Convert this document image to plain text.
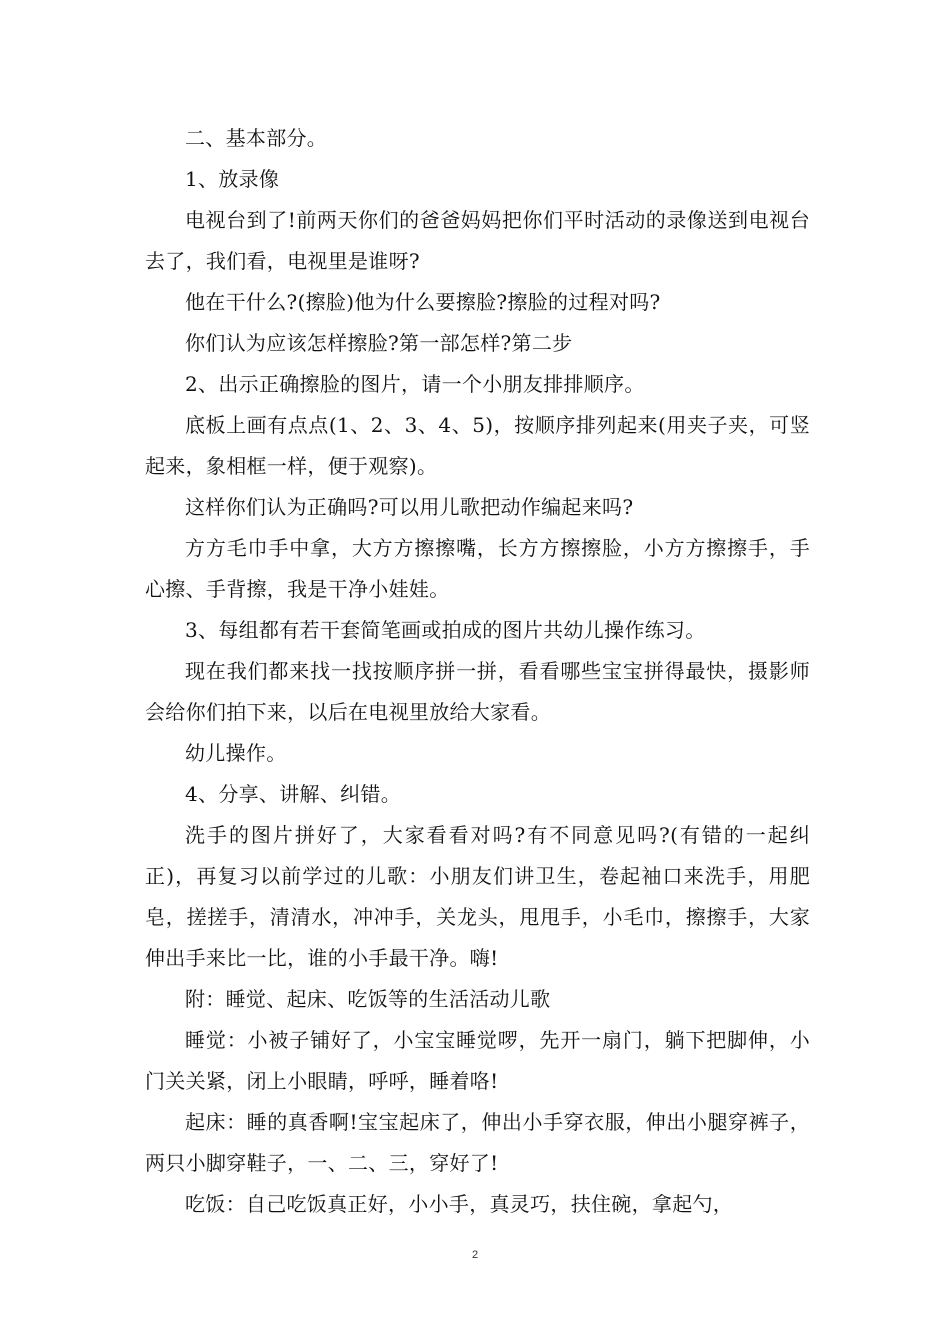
二、基本部分。

1、放录像

电视台到了!前两天你们的爸爸妈妈把你们平时活动的录像送到电视台去了，我们看，电视里是谁呀?

他在干什么?(擦脸)他为什么要擦脸?擦脸的过程对吗?

你们认为应该怎样擦脸?第一部怎样?第二步

2、出示正确擦脸的图片，请一个小朋友排排顺序。

底板上画有点点(1、2、3、4、5)，按顺序排列起来(用夹子夹，可竖起来，象相框一样，便于观察)。

这样你们认为正确吗?可以用儿歌把动作编起来吗?

方方毛巾手中拿，大方方擦擦嘴，长方方擦擦脸，小方方擦擦手，手心擦、手背擦，我是干净小娃娃。

3、每组都有若干套简笔画或拍成的图片共幼儿操作练习。

现在我们都来找一找按顺序拼一拼，看看哪些宝宝拼得最快，摄影师会给你们拍下来，以后在电视里放给大家看。

幼儿操作。

4、分享、讲解、纠错。

洗手的图片拼好了，大家看看对吗?有不同意见吗?(有错的一起纠正)，再复习以前学过的儿歌：小朋友们讲卫生，卷起袖口来洗手，用肥皂，搓搓手，清清水，冲冲手，关龙头，甩甩手，小毛巾，擦擦手，大家伸出手来比一比，谁的小手最干净。嗨!

附：睡觉、起床、吃饭等的生活活动儿歌

睡觉：小被子铺好了，小宝宝睡觉啰，先开一扇门，躺下把脚伸，小门关关紧，闭上小眼睛，呼呼，睡着咯!

起床：睡的真香啊!宝宝起床了，伸出小手穿衣服，伸出小腿穿裤子，两只小脚穿鞋子，一、二、三，穿好了!

吃饭：自己吃饭真正好，小小手，真灵巧，扶住碗，拿起勺，

2
